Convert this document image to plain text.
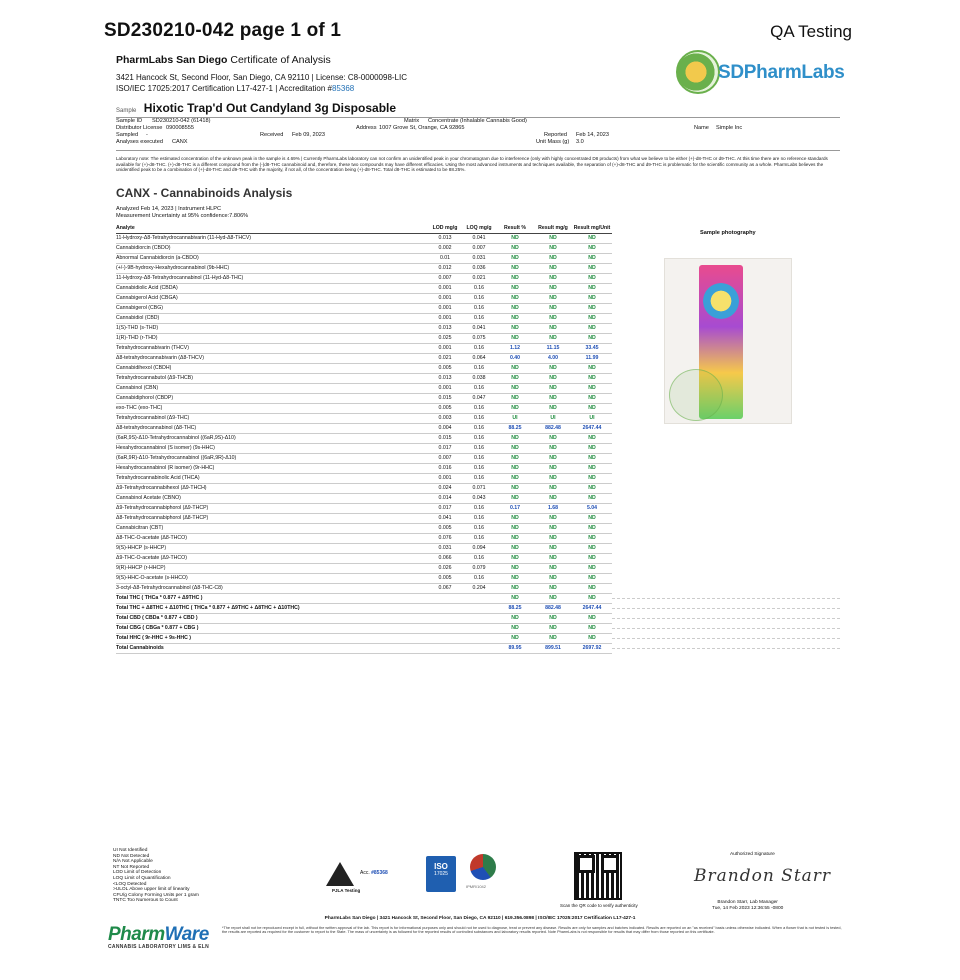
SD230210-042 page 1 of 1	QA Testing
PharmLabs San Diego Certificate of Analysis
3421 Hancock St, Second Floor, San Diego, CA 92110 | License: C8-0000098-LIC
ISO/IEC 17025:2017 Certification L17-427-1 | Accreditation #85368
SDPharmLabs
Sample Hixotic Trap'd Out Candyland 3g Disposable
Sample ID SD230210-042 (61418)	Matrix Concentrate (Inhalable Cannabis Good)
Distributor License 090008555	Address 1007 Grove St, Orange, CA 92865	Name Simple Inc
Sampled -	Received Feb 09, 2023	Reported Feb 14, 2023
Analyses executed CANX	Unit Mass (g) 3.0
Laboratory note: The estimated concentration of the unknown peak in the sample is 4.69% | Currently PharmLabs laboratory can not confirm an unidentified peak in your chromatogram due to interference (only with highly concentrated D8 products) from what we believe to be either (+)-d8-THC or d9-THC. At this time there are no reference standards available for (+)-d8-THC. (+)-d8-THC is a different compound from the (-)d8-THC cannabinoid and, therefore, these two compounds may have different efficacies. Using the most advanced instruments and techniques available, the separation of (+)-d8-THC and d9-THC is problematic for the scientific community as a whole. PharmLabs believes the unidentified peak to be a combination of (+)-d8-THC and d9-THC with the majority, if not all, of the concentration being (+)-d8-THC. Total d8-THC is estimated to be 88.25%.
CANX - Cannabinoids Analysis
Analyzed Feb 14, 2023 | Instrument HLPC
Measurement Uncertainty at 95% confidence:7.806%
Analyte	LOD mg/g	LOQ mg/g	Result %	Result mg/g	Result mg/Unit
11-Hydroxy-Δ8-Tetrahydrocannabivarin (11-Hyd-Δ8-THCV)	0.013	0.041	ND	ND	ND
Cannabidiorcin (CBDO)	0.002	0.007	ND	ND	ND
Abnormal Cannabidiorcin (a-CBDO)	0.01	0.031	ND	ND	ND
(+/-)-9B-hydroxy-Hexahydrocannabinol (9b-HHC)	0.012	0.036	ND	ND	ND
11-Hydroxy-Δ8-Tetrahydrocannabinol (11-Hyd-Δ8-THC)	0.007	0.021	ND	ND	ND
Cannabidiolic Acid (CBDA)	0.001	0.16	ND	ND	ND
Cannabigerol Acid (CBGA)	0.001	0.16	ND	ND	ND
Cannabigerol (CBG)	0.001	0.16	ND	ND	ND
Cannabidiol (CBD)	0.001	0.16	ND	ND	ND
1(S)-THD (s-THD)	0.013	0.041	ND	ND	ND
1(R)-THD (r-THD)	0.025	0.075	ND	ND	ND
Tetrahydrocannabivarin (THCV)	0.001	0.16	1.12	11.15	33.45
Δ8-tetrahydrocannabivarin (Δ8-THCV)	0.021	0.064	0.40	4.00	11.99
Cannabidihexol (CBDH)	0.005	0.16	ND	ND	ND
Tetrahydrocannabutol (Δ9-THCB)	0.013	0.038	ND	ND	ND
Cannabinol (CBN)	0.001	0.16	ND	ND	ND
Cannabidiphorol (CBDP)	0.015	0.047	ND	ND	ND
exo-THC (exo-THC)	0.005	0.16	ND	ND	ND
Tetrahydrocannabinol (Δ9-THC)	0.003	0.16	UI	UI	UI
Δ8-tetrahydrocannabinol (Δ8-THC)	0.004	0.16	88.25	882.48	2647.44
(6aR,9S)-Δ10-Tetrahydrocannabinol ((6aR,9S)-Δ10)	0.015	0.16	ND	ND	ND
Hexahydrocannabinol (S isomer) (9s-HHC)	0.017	0.16	ND	ND	ND
(6aR,9R)-Δ10-Tetrahydrocannabinol ((6aR,9R)-Δ10)	0.007	0.16	ND	ND	ND
Hexahydrocannabinol (R isomer) (9r-HHC)	0.016	0.16	ND	ND	ND
Tetrahydrocannabinolic Acid (THCA)	0.001	0.16	ND	ND	ND
Δ9-Tetrahydrocannabihexol (Δ9-THCH)	0.024	0.071	ND	ND	ND
Cannabinol Acetate (CBNO)	0.014	0.043	ND	ND	ND
Δ9-Tetrahydrocannabiphorol (Δ9-THCP)	0.017	0.16	0.17	1.68	5.04
Δ8-Tetrahydrocannabiphorol (Δ8-THCP)	0.041	0.16	ND	ND	ND
Cannabicitran (CBT)	0.005	0.16	ND	ND	ND
Δ8-THC-O-acetate (Δ8-THCO)	0.076	0.16	ND	ND	ND
9(S)-HHCP (s-HHCP)	0.031	0.094	ND	ND	ND
Δ9-THC-O-acetate (Δ9-THCO)	0.066	0.16	ND	ND	ND
9(R)-HHCP (r-HHCP)	0.026	0.079	ND	ND	ND
9(S)-HHC-O-acetate (s-HHCO)	0.005	0.16	ND	ND	ND
3-octyl-Δ8-Tetrahydrocannabinol (Δ8-THC-C8)	0.067	0.204	ND	ND	ND
Total THC ( THCa * 0.877 + Δ9THC )			ND	ND	ND
Total THC + Δ8THC + Δ10THC ( THCa * 0.877 + Δ9THC + Δ8THC + Δ10THC)			88.25	882.48	2647.44
Total CBD ( CBDa * 0.877 + CBD )			ND	ND	ND
Total CBG ( CBGa * 0.877 + CBG )			ND	ND	ND
Total HHC ( 9r-HHC + 9s-HHC )			ND	ND	ND
Total Cannabinoids			89.95	899.51	2697.92
Sample photography
UI Not Identified
ND Not Detected
N/A Not Applicable
NT Not Reported
LOD Limit of Detection
LOQ Limit of Quantification
<LOQ Detected
>ULOL Above upper limit of linearity
CFU/g Colony Forming Units per 1 gram
TNTC Too Numerous to Count
Acc. #85368
PJLA Testing
ISO
17025
IPMR/1042
Scan the QR code to verify authenticity
Authorized Signature
Brandon Starr
Brandon Starr, Lab Manager
Tue, 14 Feb 2023 12:36:55 -0800
PharmLabs San Diego | 3421 Hancock St, Second Floor, San Diego, CA 92110 | 619.356.0898 | ISO/IEC 17025:2017 Certification L17-427-1
*The report shall not be reproduced except in full, without the written approval of the lab. This report is for informational purposes only and should not be used to diagnose, treat or prevent any disease. Results are only for samples and batches indicated. Results are reported on an "as received" basis unless otherwise indicated. When a flower that is not tested is tested, the results are reported as required for the customer to report to the State. The mass of uncertainty is as followed for the reported results of controlled substances and laboratory results reported. Note PharmLabs is not responsible for results that may differ from those reported on this certificate.
PharmWare
CANNABIS LABORATORY LIMS & ELN
